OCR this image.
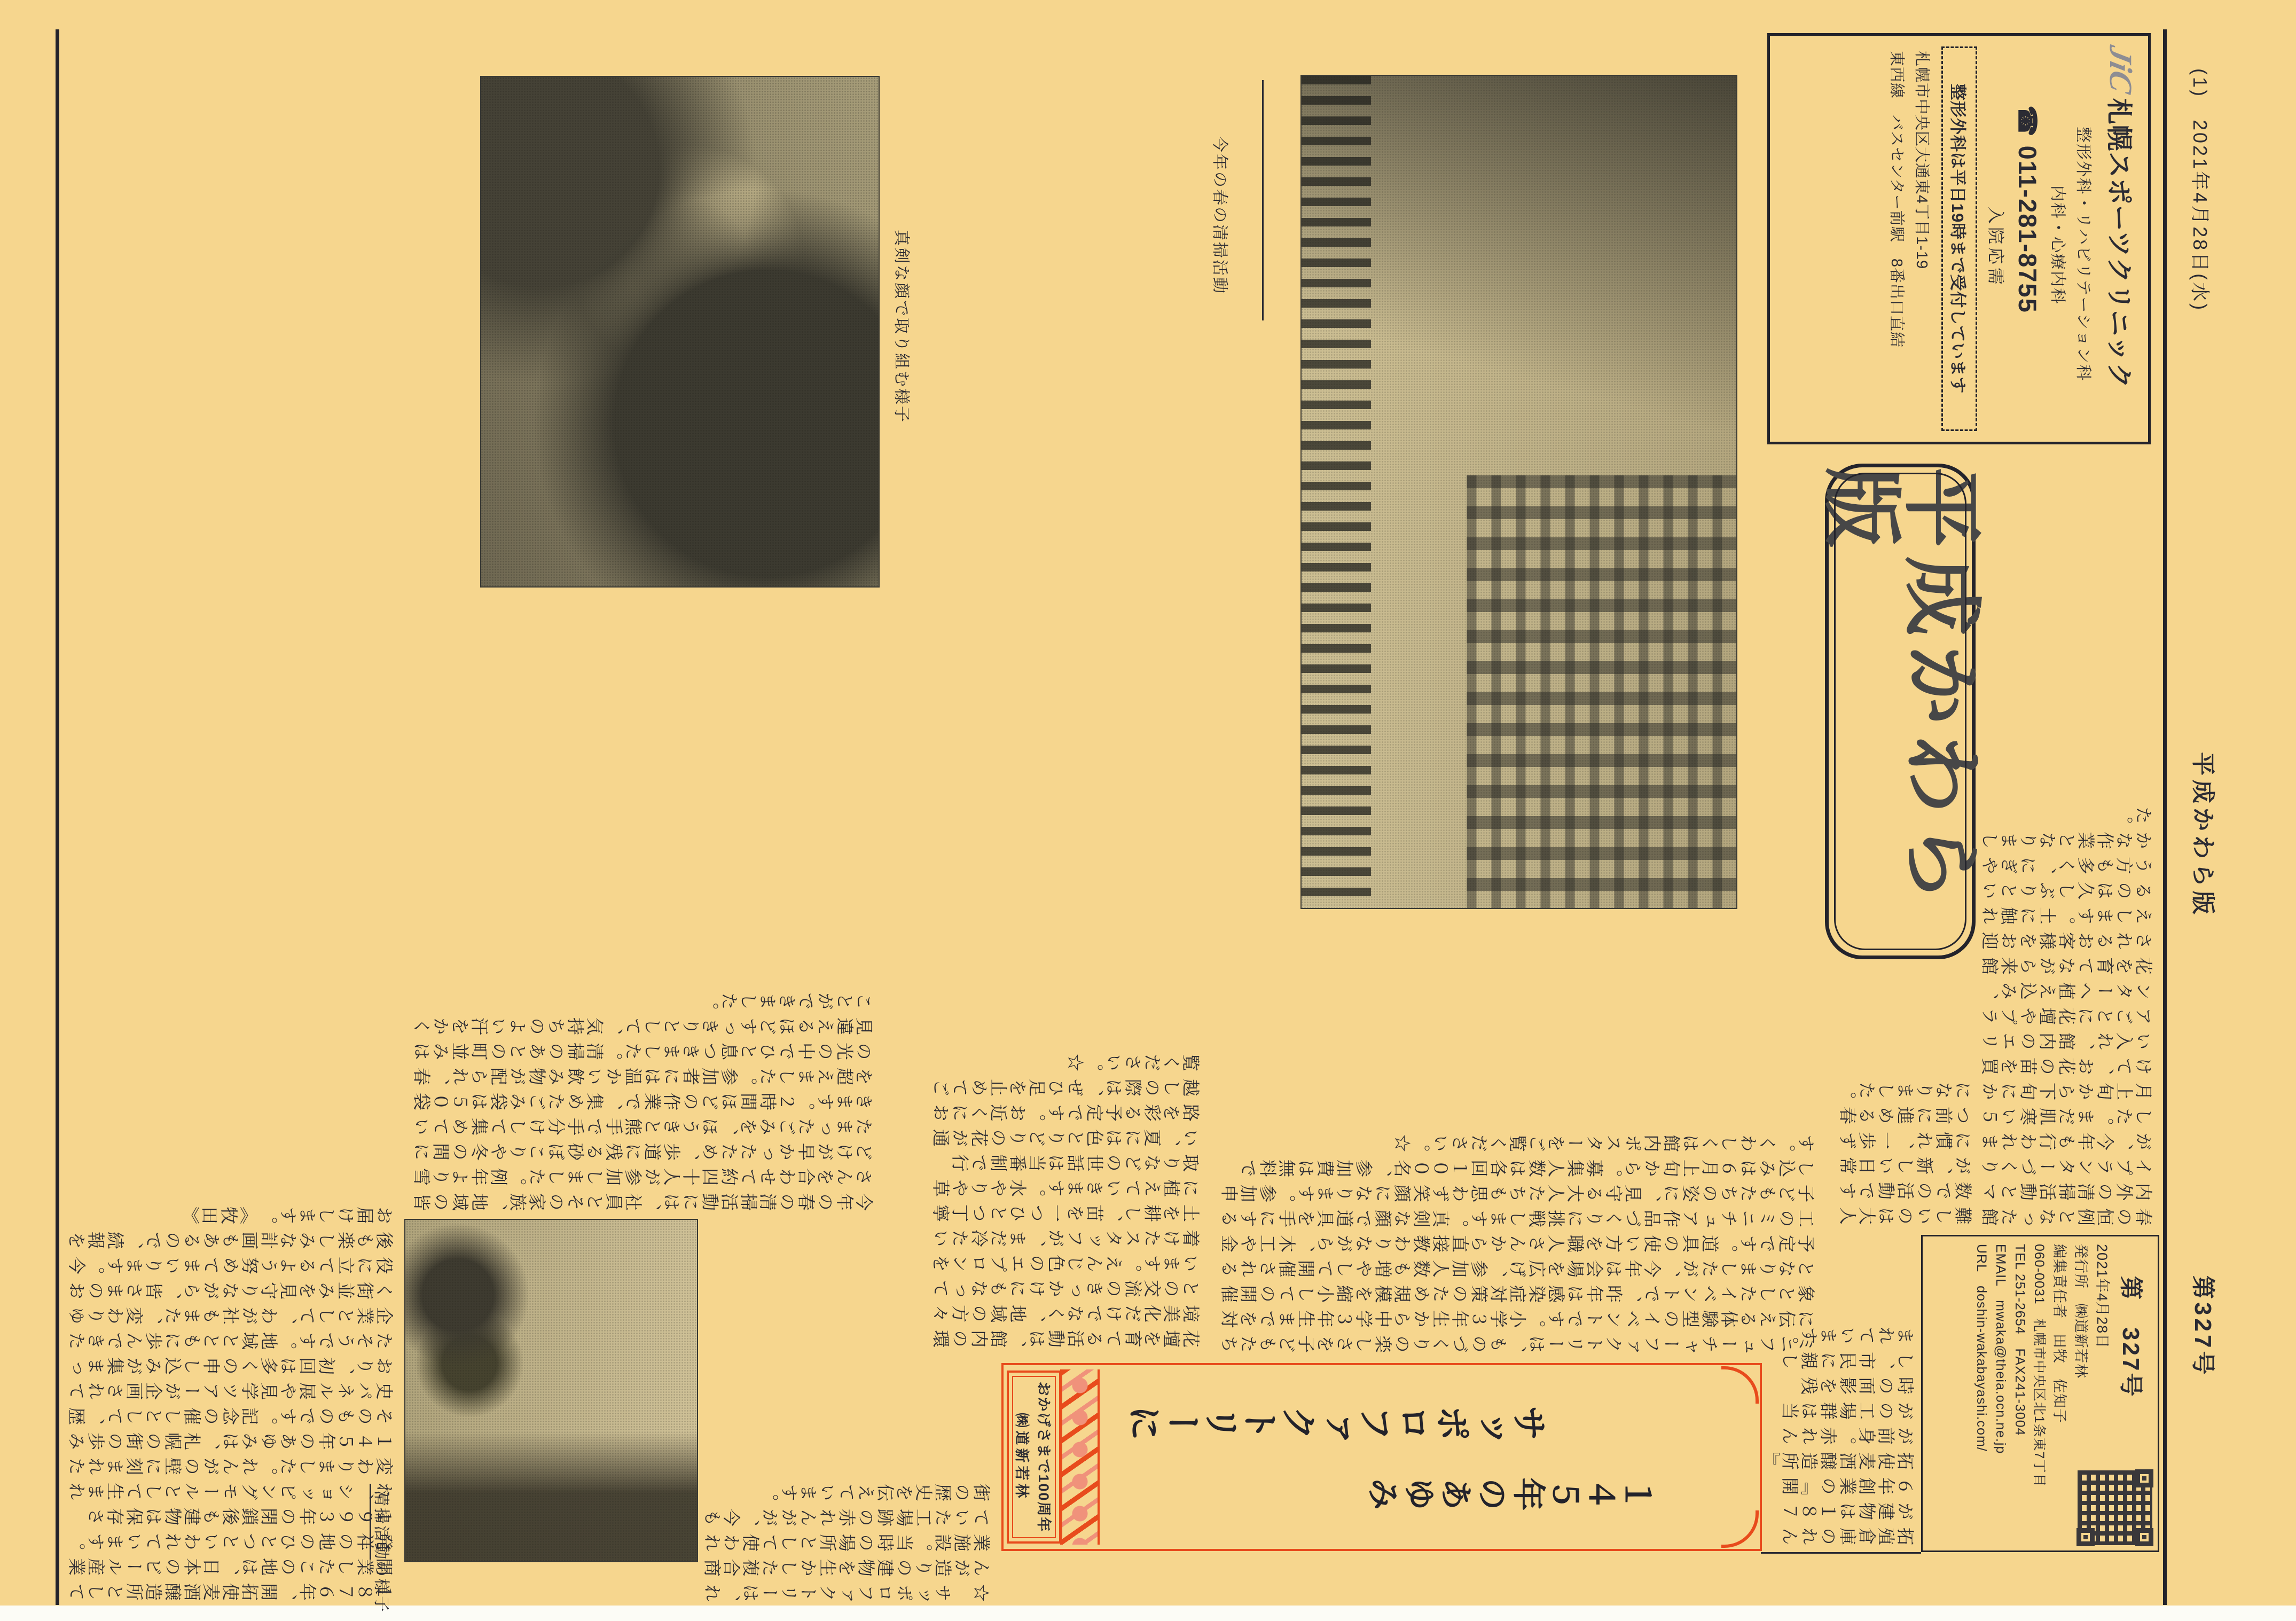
(1)　2021年4月28日(水)
平成かわら版
第327号
JiC
札幌スポーツクリニック
整形外科・リハビリテーション科
内科・心療内科
☎ 011-281-8755
入院応需
整形外科は平日19時まで受付しています
札幌市中央区大通東4丁目1-19
東西線　バスセンター前駅　8番出口直結
第　327号
2021年4月28日
発行所　㈱道新若林
編集責任者　田牧　佐知子
060-0031　札幌市中央区北1条東7丁目
TEL 251-2654　FAX241-3004
EMAIL　mwaka@theia.ocn.ne.jp
URL　doshin-wakabayashi.com/
平成かわら版
サッポロファクトリーに
１４５年のあゆみ
おかげさまで100周年
㈱道新若林
今年の春の清掃活動
真剣な顔で取り組む様子
清掃活動の様子
春の恒例となった館内外の清掃活動とマイプランターづくりが、今年も行われました。まだ肌寒い５月上旬から下旬にかけて、お花の苗を買い入れ、館内のエリアごとに花壇やプランターへ植え込み、花を育てながら来館されるお客様をお迎えします。土に触れるのは久しぶりという方も多く、にぎやかな作業となりました。
難しいのは大人数での活動ですが、新しい日常に慣れ、一歩ずつ前に進める春になりました。
拓殖倉庫のれんが建物は１８７６年創業の『開拓使麦酒醸造所』が前身。赤れんがの工場群は当時の面影を残し、市民に親しまれています。
ミニフューチャーファクトリーは、ものづくりの楽しさを子どもたちに伝える体験型のイベントです。小学３年生から中学３年生までを対象としたイベントで、昨年は感染症対策のため規模を縮小しての開催となりましたが、今年は会場を広げ、参加人数も増やして開催される予定です。道具の使い方を職人さんから直接教わりながら、木工や金工のミニチュア作品づくりに挑戦します。真剣な顔で道具を手にする子どもたちの姿に、見守る大人たちも思わず笑顔になります。参加申し込みは６月上旬から。募集人数は各回１００名、参加費は無料です。くわしくは館内ポスターをご覧ください。☆
花壇を育てる活動は、館内の環境美化だけでなく、地域の方々との交流のきっかけにもなっています。えんじ色のエプロンを着けたスタッフが、まだ冷たい土を耕し、苗を一つひとつ丁寧に植えていきます。水やりや草取りなどの世話は当番制で行い、夏には色とりどりの花が通路を彩る予定です。お近くにお越しの際は、ぜひ足を止めてご覧ください。☆
☆　サッポロファクトリーは、れんが造りの建物を生かした複合商業施設。当時の場所として使われていた工場跡の赤れんがが、今も街の歴史を伝えています。
今年の春の清掃活動には、社員とその家族、地域の皆さんを合わせて約四十人が参加しました。例年より雪どけが早かったため、歩道に残る砂ぼこりや冬の間にたまったごみを、ほうきと熊手で手分けして集めていきます。２時間ほどの作業で、集めたごみ袋は５０袋を超えました。参加者には温かい飲み物が配られ、春の光の中でひと息つきました。清掃のあとの町並みは見違えるほどすっきりとして、気持ちのよい汗をかくことができました。
１８７６年、開拓使麦酒醸造所として開業したこの地は、日本のビール産業発祥の地のひとつといわれています。１９９３年の閉鎖後も建物は保存され、ショッピングモールとして生まれ変わりました。れんがの壁に刻まれた１４５年のあゆみは、札幌の街の歩みそのものです。記念の催しとして、歴史パネル展や見学ツアーが企画されており、初回は多くの申し込みが集まったそうです。地域とともに歩んできた企業として、わが社もまた、変わりゆく街並みを見守りながら、皆さまのお役に立てるよう努めてまいります。今後も楽しみな計画もあるので、続報をお届けします。　《牧田》
